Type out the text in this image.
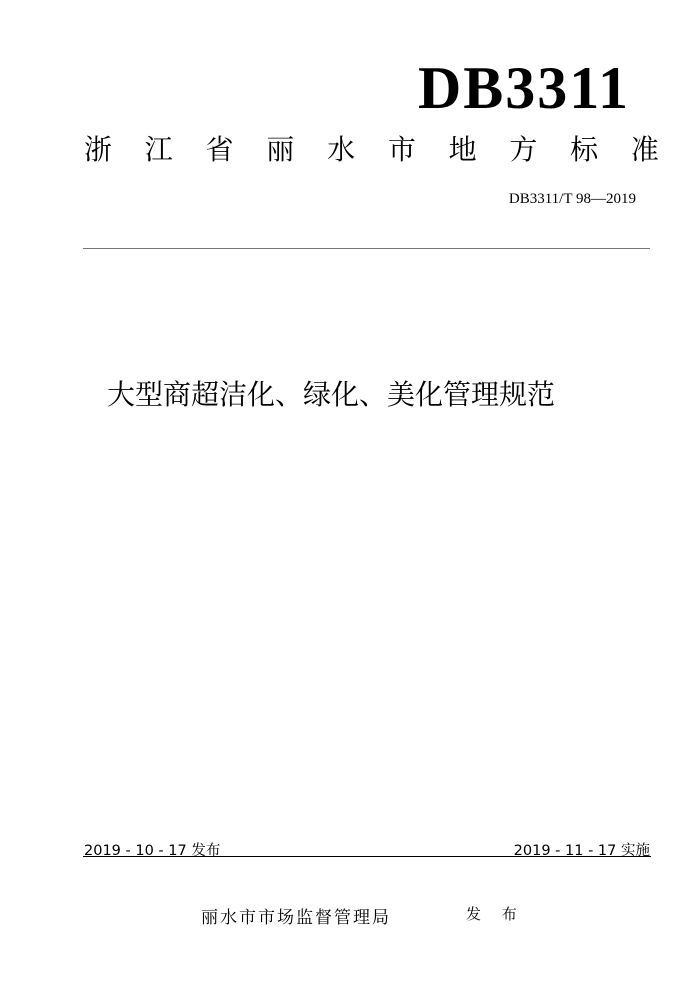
DB3311
浙 江 省 丽 水 市 地 方 标 准
DB3311/T 98—2019
大型商超洁化、绿化、美化管理规范
2019 - 10 - 17 发布	2019 - 11 - 17 实施
丽水市市场监督管理局	发 布
